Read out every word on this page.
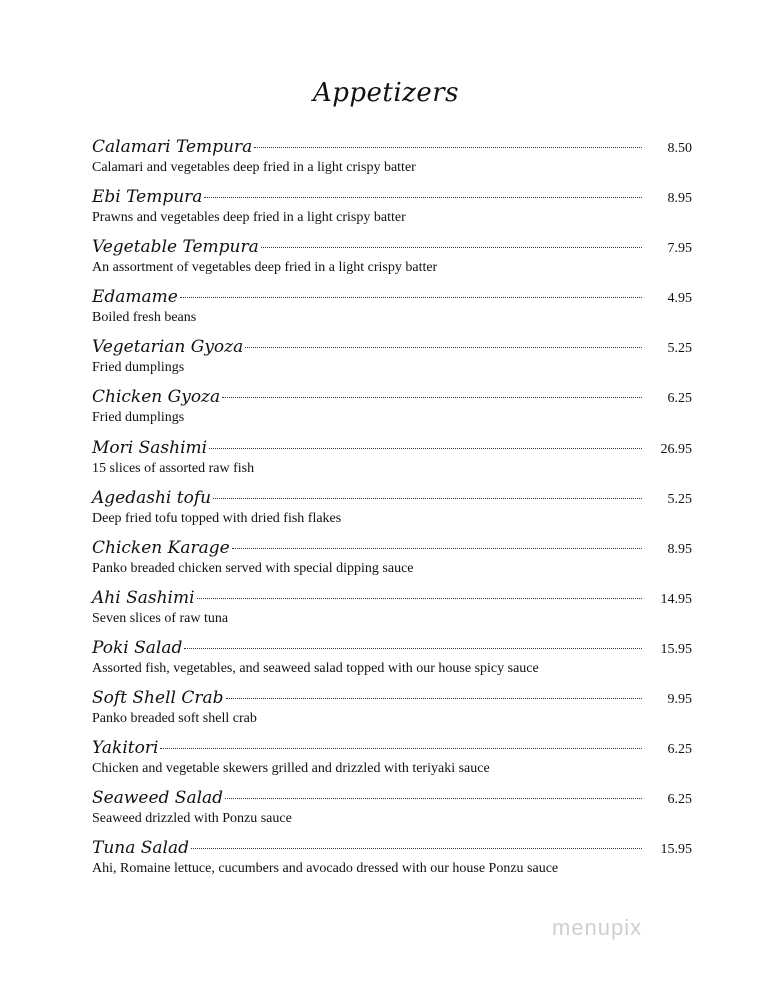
Appetizers
Calamari Tempura	8.50
Calamari and vegetables deep fried in a light crispy batter
Ebi Tempura	8.95
Prawns and vegetables deep fried in a light crispy batter
Vegetable Tempura	7.95
An assortment of vegetables deep fried in a light crispy batter
Edamame	4.95
Boiled fresh beans
Vegetarian Gyoza	5.25
Fried dumplings
Chicken Gyoza	6.25
Fried dumplings
Mori Sashimi	26.95
15 slices of assorted raw fish
Agedashi tofu	5.25
Deep fried tofu topped with dried fish flakes
Chicken Karage	8.95
Panko breaded chicken served with special dipping sauce
Ahi Sashimi	14.95
Seven slices of raw tuna
Poki Salad	15.95
Assorted fish, vegetables, and seaweed salad topped with our house spicy sauce
Soft Shell Crab	9.95
Panko breaded soft shell crab
Yakitori	6.25
Chicken and vegetable skewers grilled and drizzled with teriyaki sauce
Seaweed Salad	6.25
Seaweed drizzled with Ponzu sauce
Tuna Salad	15.95
Ahi, Romaine lettuce, cucumbers and avocado dressed with our house Ponzu sauce
menupix
